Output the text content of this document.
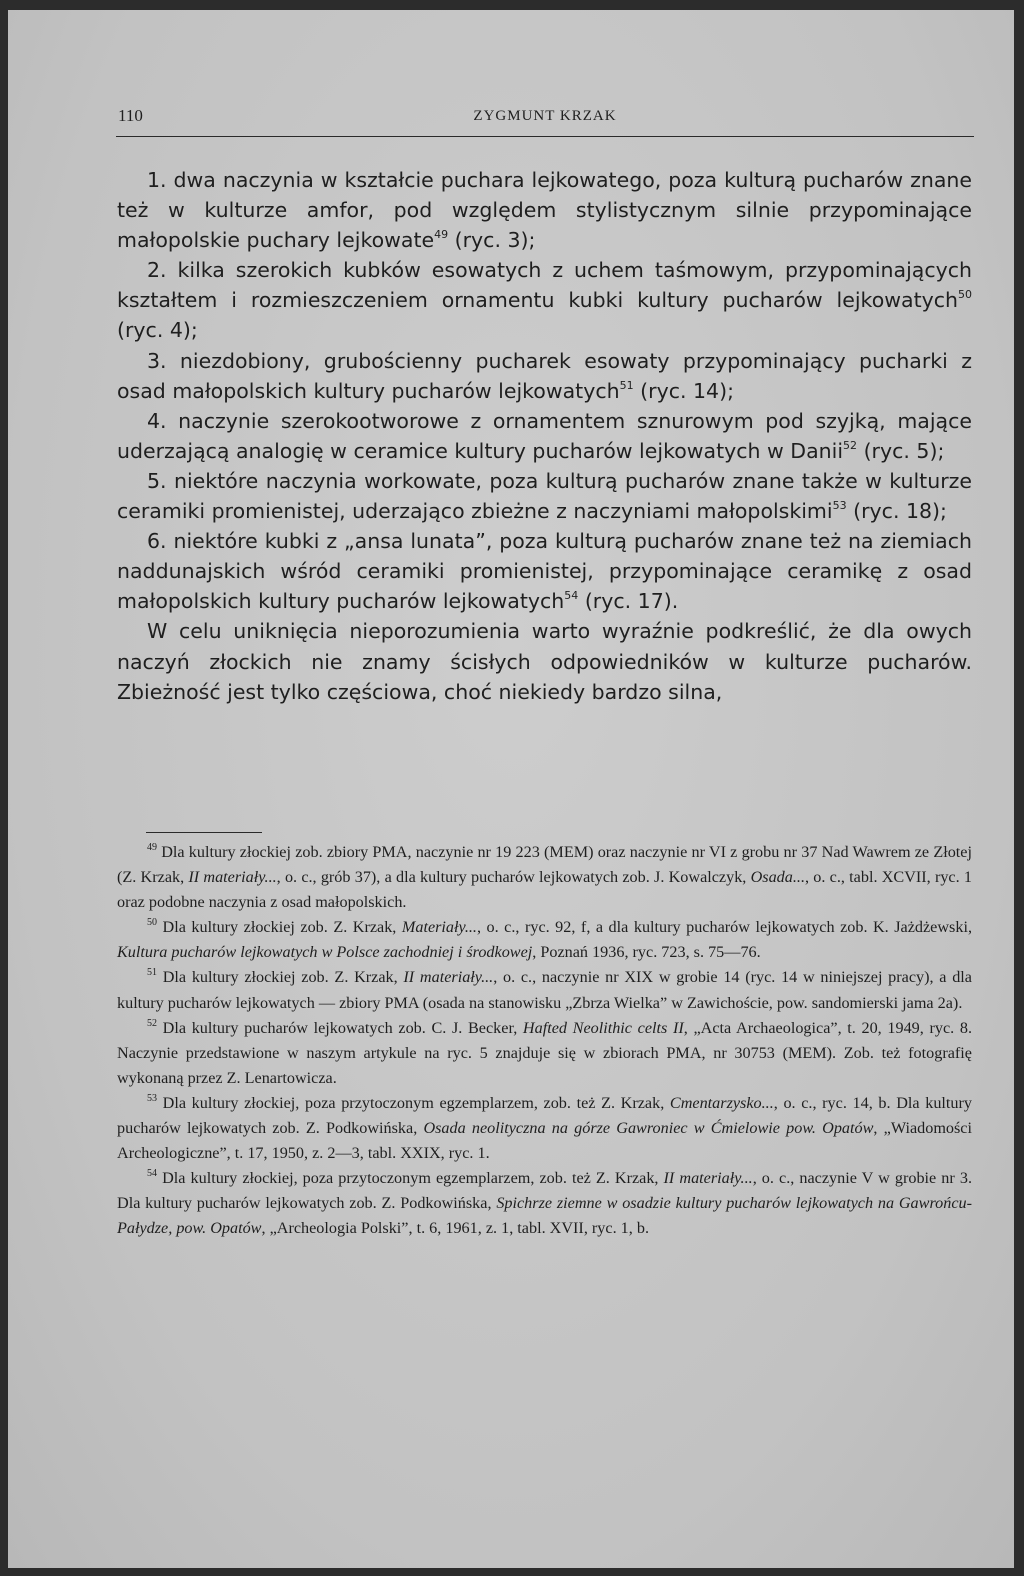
110	ZYGMUNT KRZAK

1. dwa naczynia w kształcie puchara lejkowatego, poza kulturą pucharów znane też w kulturze amfor, pod względem stylistycznym silnie przypominające małopolskie puchary lejkowate$^{49}$ (ryc. 3);

2. kilka szerokich kubków esowatych z uchem taśmowym, przypominających kształtem i rozmieszczeniem ornamentu kubki kultury pucharów lejkowatych$^{50}$ (ryc. 4);

3. niezdobiony, grubościenny pucharek esowaty przypominający pucharki z osad małopolskich kultury pucharów lejkowatych$^{51}$ (ryc. 14);

4. naczynie szerokootworowe z ornamentem sznurowym pod szyjką, mające uderzającą analogię w ceramice kultury pucharów lejkowatych w Danii$^{52}$ (ryc. 5);

5. niektóre naczynia workowate, poza kulturą pucharów znane także w kulturze ceramiki promienistej, uderzająco zbieżne z naczyniami małopolskimi$^{53}$ (ryc. 18);

6. niektóre kubki z „ansa lunata”, poza kulturą pucharów znane też na ziemiach naddunajskich wśród ceramiki promienistej, przypominające ceramikę z osad małopolskich kultury pucharów lejkowatych$^{54}$ (ryc. 17).

W celu uniknięcia nieporozumienia warto wyraźnie podkreślić, że dla owych naczyń złockich nie znamy ścisłych odpowiedników w kulturze pucharów. Zbieżność jest tylko częściowa, choć niekiedy bardzo silna,

$^{49}$ Dla kultury złockiej zob. zbiory PMA, naczynie nr 19 223 (MEM) oraz naczynie nr VI z grobu nr 37 Nad Wawrem ze Złotej (Z. Krzak, II materiały..., o. c., grób 37), a dla kultury pucharów lejkowatych zob. J. Kowalczyk, Osada..., o. c., tabl. XCVII, ryc. 1 oraz podobne naczynia z osad małopolskich.

$^{50}$ Dla kultury złockiej zob. Z. Krzak, Materiały..., o. c., ryc. 92, f, a dla kultury pucharów lejkowatych zob. K. Jażdżewski, Kultura pucharów lejkowatych w Polsce zachodniej i środkowej, Poznań 1936, ryc. 723, s. 75—76.

$^{51}$ Dla kultury złockiej zob. Z. Krzak, II materiały..., o. c., naczynie nr XIX w grobie 14 (ryc. 14 w niniejszej pracy), a dla kultury pucharów lejkowatych — zbiory PMA (osada na stanowisku „Zbrza Wielka” w Zawichoście, pow. sandomierski jama 2a).

$^{52}$ Dla kultury pucharów lejkowatych zob. C. J. Becker, Hafted Neolithic celts II, „Acta Archaeologica”, t. 20, 1949, ryc. 8. Naczynie przedstawione w naszym artykule na ryc. 5 znajduje się w zbiorach PMA, nr 30753 (MEM). Zob. też fotografię wykonaną przez Z. Lenartowicza.

$^{53}$ Dla kultury złockiej, poza przytoczonym egzemplarzem, zob. też Z. Krzak, Cmentarzysko..., o. c., ryc. 14, b. Dla kultury pucharów lejkowatych zob. Z. Podkowińska, Osada neolityczna na górze Gawroniec w Ćmielowie pow. Opatów, „Wiadomości Archeologiczne”, t. 17, 1950, z. 2—3, tabl. XXIX, ryc. 1.

$^{54}$ Dla kultury złockiej, poza przytoczonym egzemplarzem, zob. też Z. Krzak, II materiały..., o. c., naczynie V w grobie nr 3. Dla kultury pucharów lejkowatych zob. Z. Podkowińska, Spichrze ziemne w osadzie kultury pucharów lejkowatych na Gawrońcu-Pałydze, pow. Opatów, „Archeologia Polski”, t. 6, 1961, z. 1, tabl. XVII, ryc. 1, b.
